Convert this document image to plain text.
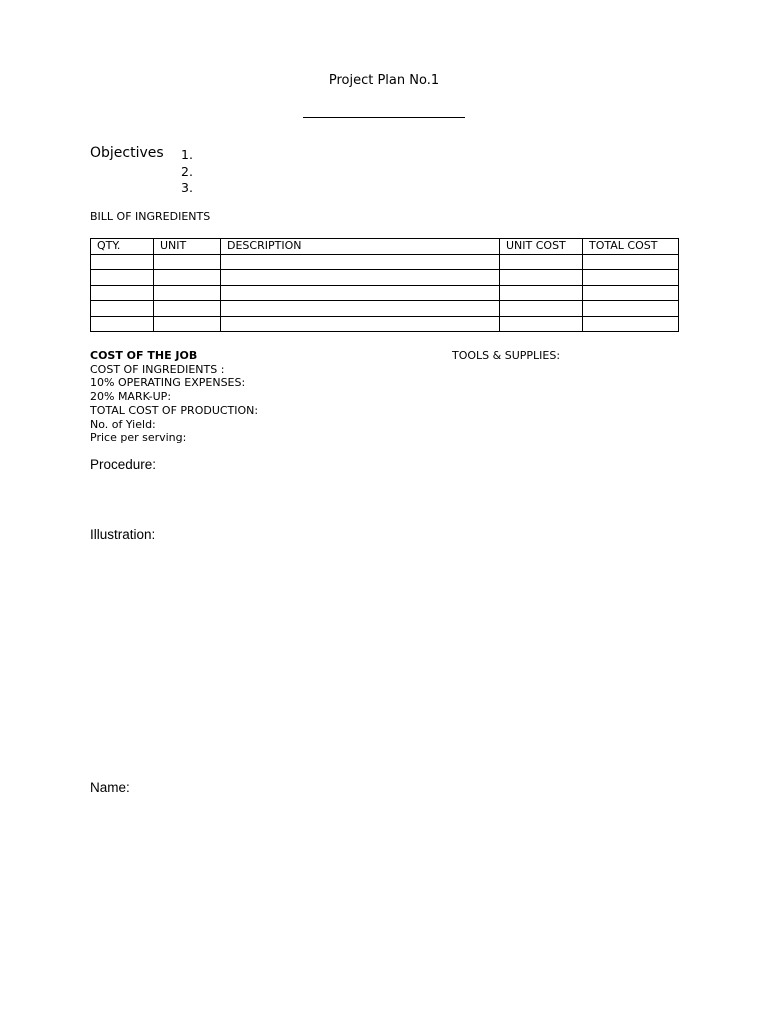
Project Plan No.1
Objectives 1.
2.
3.
BILL OF INGREDIENTS
QTY.	UNIT	DESCRIPTION	UNIT COST	TOTAL COST

COST OF THE JOB
COST OF INGREDIENTS :
10% OPERATING EXPENSES:
20% MARK-UP:
TOTAL COST OF PRODUCTION:
No. of Yield:
Price per serving:
TOOLS & SUPPLIES:
Procedure:
Illustration:
Name:
